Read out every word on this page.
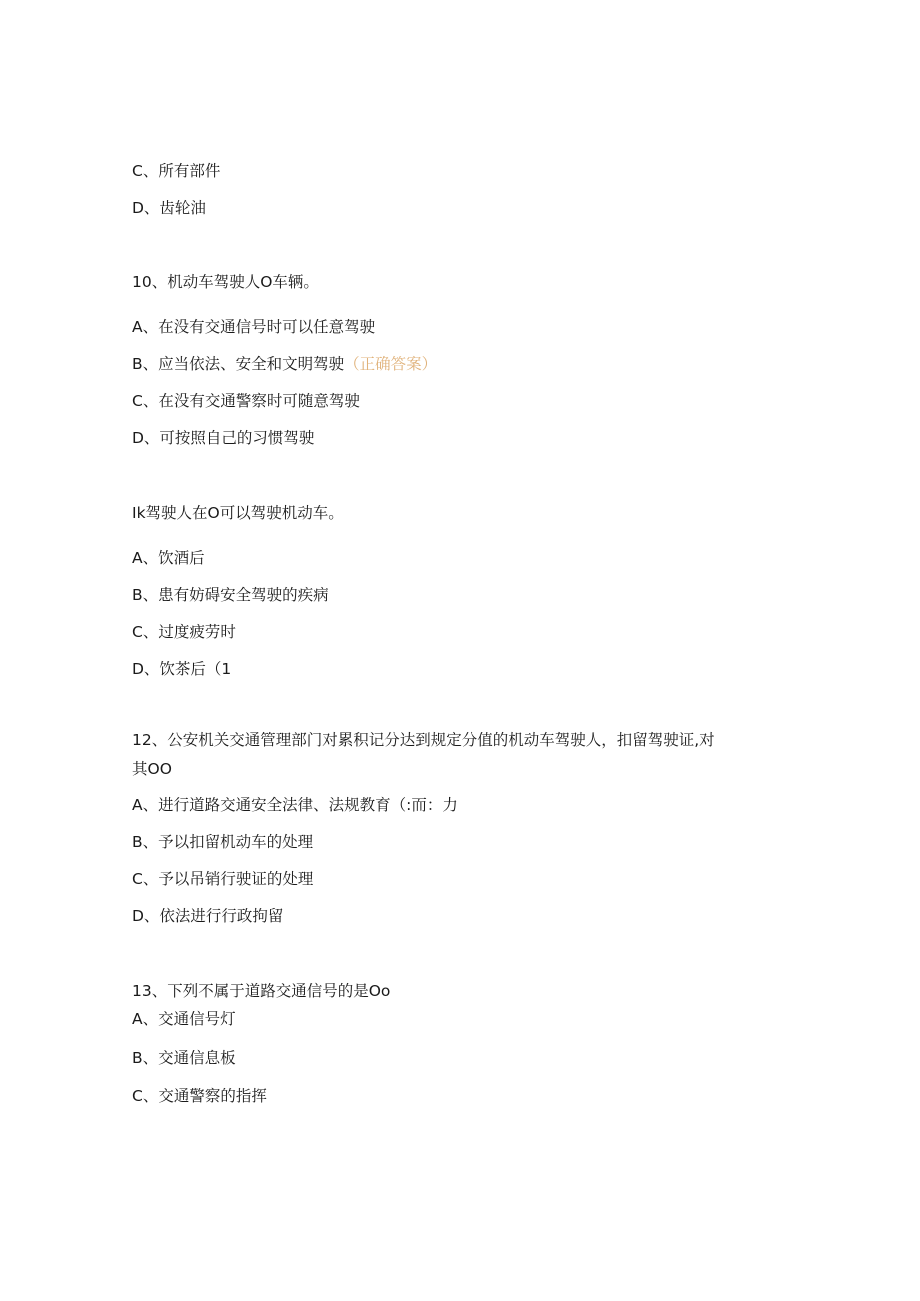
C、所有部件
D、齿轮油
10、机动车驾驶人O车辆。
A、在没有交通信号时可以任意驾驶
B、应当依法、安全和文明驾驶（正确答案）
C、在没有交通警察时可随意驾驶
D、可按照自己的习惯驾驶
Ik驾驶人在O可以驾驶机动车。
A、饮酒后
B、患有妨碍安全驾驶的疾病
C、过度疲劳时
D、饮茶后（1
12、公安机关交通管理部门对累积记分达到规定分值的机动车驾驶人，扣留驾驶证,对
其OO
A、进行道路交通安全法律、法规教育（:而：力
B、予以扣留机动车的处理
C、予以吊销行驶证的处理
D、依法进行行政拘留
13、下列不属于道路交通信号的是Oo
A、交通信号灯
B、交通信息板
C、交通警察的指挥
